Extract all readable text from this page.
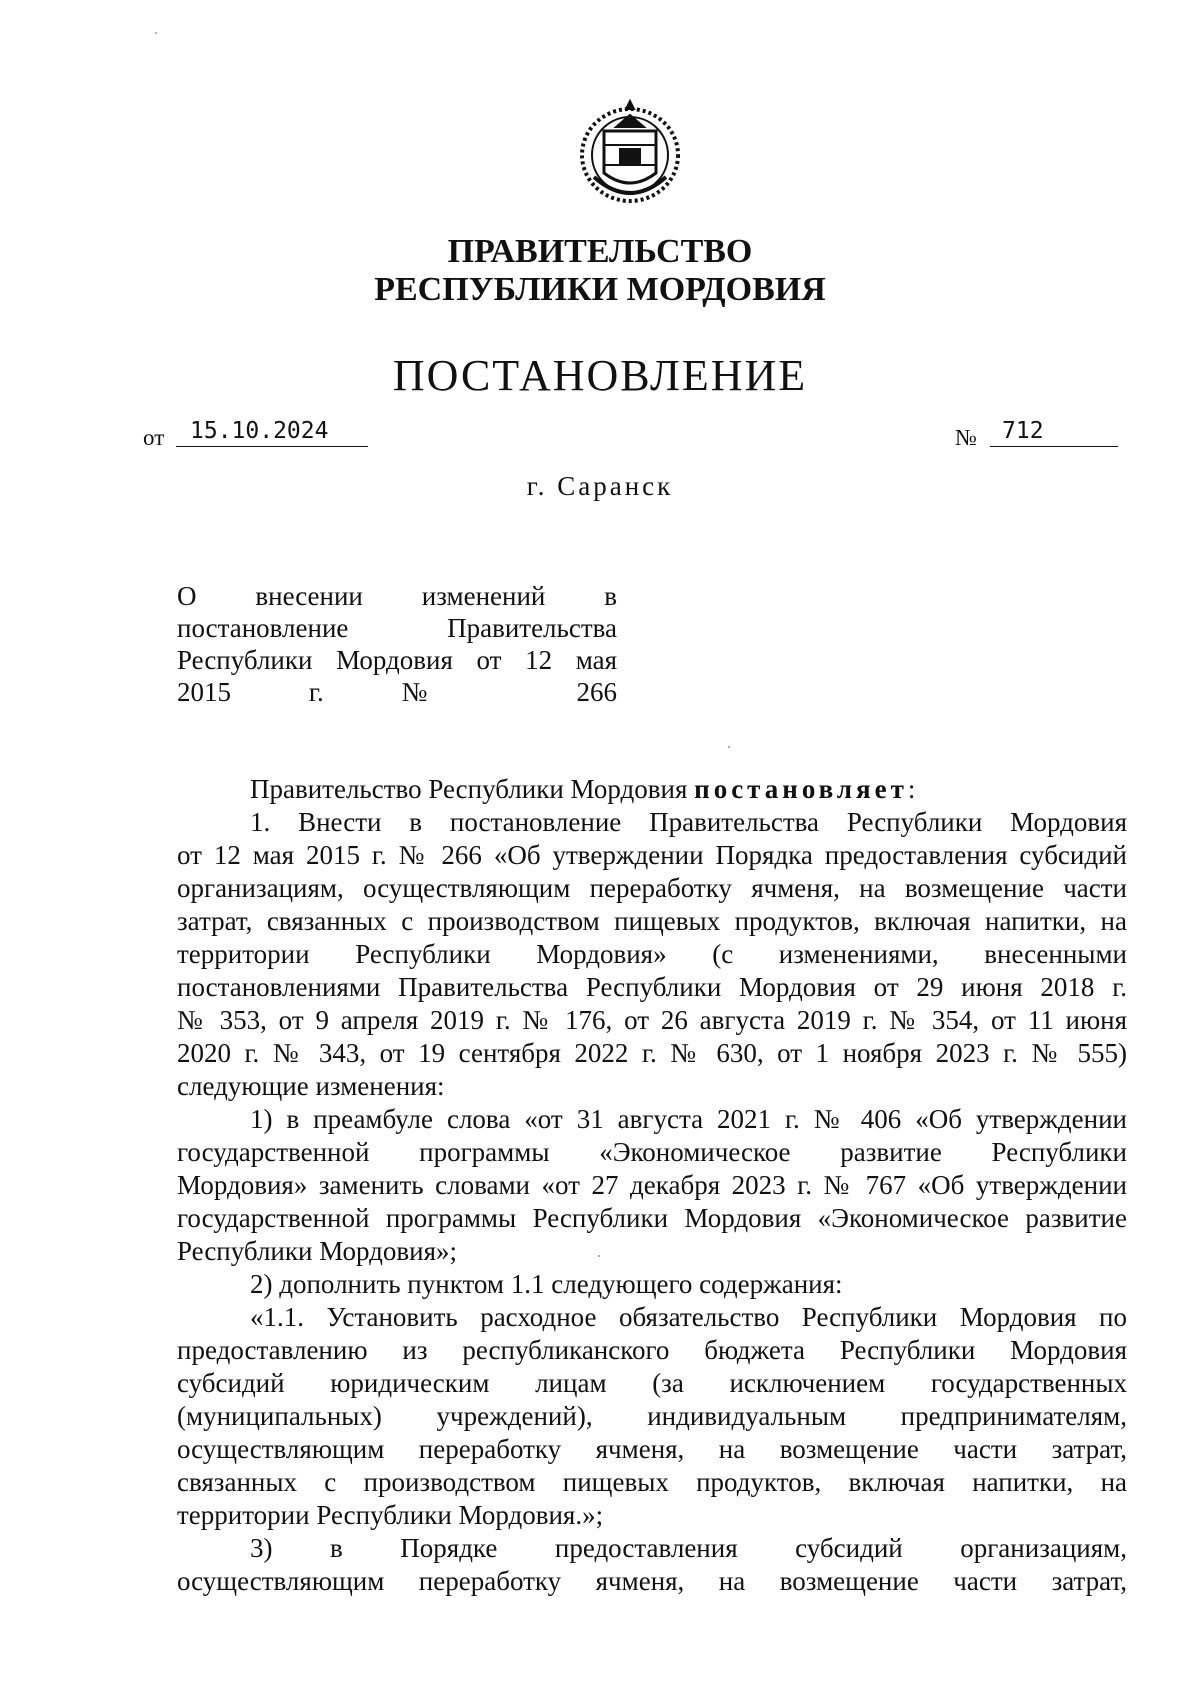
ПРАВИТЕЛЬСТВО
РЕСПУБЛИКИ МОРДОВИЯ
ПОСТАНОВЛЕНИЕ
от 15.10.2024	№ 712
г. Саранск
О внесении изменений в
постановление Правительства
Республики Мордовия от 12 мая
2015 г. № 266
Правительство Республики Мордовия постановляет:
1. Внести в постановление Правительства Республики Мордовия
от 12 мая 2015 г. № 266 «Об утверждении Порядка предоставления субсидий
организациям, осуществляющим переработку ячменя, на возмещение части
затрат, связанных с производством пищевых продуктов, включая напитки, на
территории Республики Мордовия» (с изменениями, внесенными
постановлениями Правительства Республики Мордовия от 29 июня 2018 г.
№ 353, от 9 апреля 2019 г. № 176, от 26 августа 2019 г. № 354, от 11 июня
2020 г. № 343, от 19 сентября 2022 г. № 630, от 1 ноября 2023 г. № 555)
следующие изменения:
1) в преамбуле слова «от 31 августа 2021 г. № 406 «Об утверждении
государственной программы «Экономическое развитие Республики
Мордовия» заменить словами «от 27 декабря 2023 г. № 767 «Об утверждении
государственной программы Республики Мордовия «Экономическое развитие
Республики Мордовия»;
2) дополнить пунктом 1.1 следующего содержания:
«1.1. Установить расходное обязательство Республики Мордовия по
предоставлению из республиканского бюджета Республики Мордовия
субсидий юридическим лицам (за исключением государственных
(муниципальных) учреждений), индивидуальным предпринимателям,
осуществляющим переработку ячменя, на возмещение части затрат,
связанных с производством пищевых продуктов, включая напитки, на
территории Республики Мордовия.»;
3) в Порядке предоставления субсидий организациям,
осуществляющим переработку ячменя, на возмещение части затрат,
